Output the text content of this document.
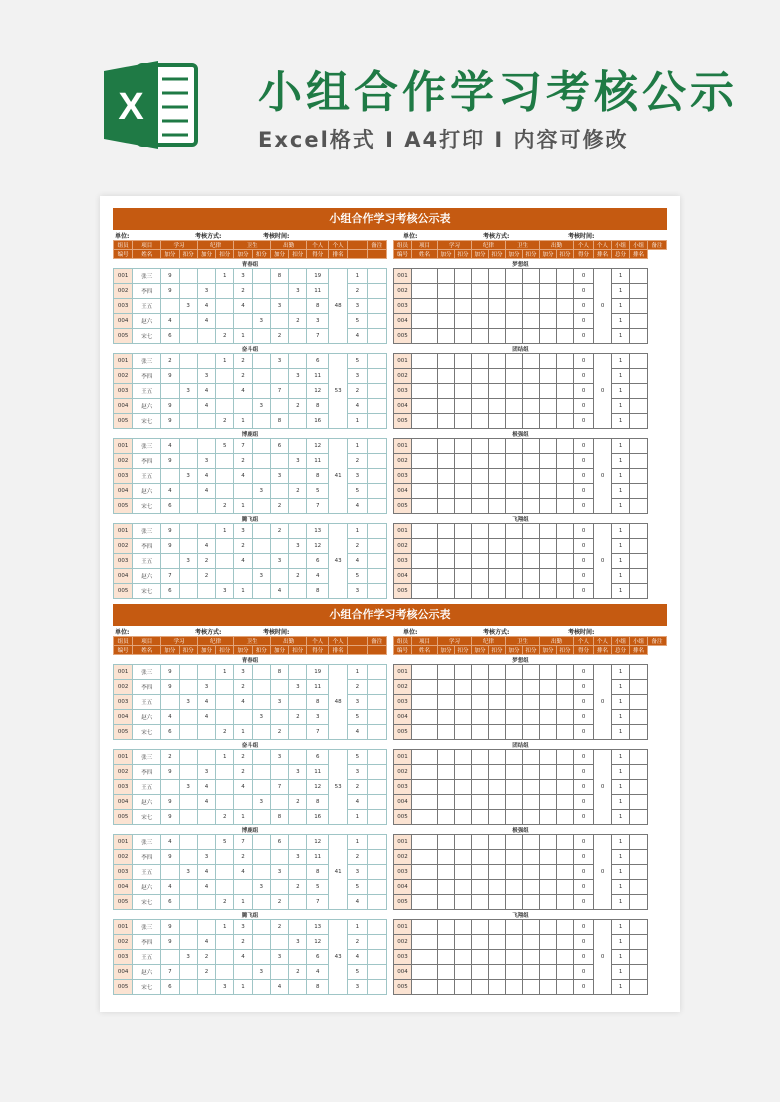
X	小组合作学习考核公示
Excel格式 I A4打印 I 内容可修改
小组合作学习考核公示表
单位:	考核方式:	考核时间:	单位:	考核方式:	考核时间:
组员	项目	学习		纪律		卫生		出勤		个人	个人		备注
编号	姓名	加分	扣分	加分	扣分	加分	扣分	加分	扣分	得分	排名		
青春组													
001	张三	9			1	3		8		19	48	1	
002	李四	9		3		2			3	11		2	
003	王五		3	4		4		3		8		3	
004	赵六	4		4			3		2	3		5	
005	宋七	6			2	1		2		7		4	
奋斗组													
001	张三	2			1	2		3		6	53	5	
002	李四	9		3		2			3	11		3	
003	王五		3	4		4		7		12		2	
004	赵六	9		4			3		2	8		4	
005	宋七	9			2	1		8		16		1	
博鹿组													
001	张三	4			5	7		6		12	41	1	
002	李四	9		3		2			3	11		2	
003	王五		3	4		4		3		8		3	
004	赵六	4		4			3		2	5		5	
005	宋七	6			2	1		2		7		4	
腾飞组													
001	张三	9			1	3		2		13	43	1	
002	李四	9		4		2			3	12		2	
003	王五		3	2		4		3		6		4	
004	赵六	7		2			3		2	4		5	
005	宋七	6			3	1		4		8		3	
组员	项目	学习		纪律		卫生		出勤		个人	个人	小组	小组	备注
编号	姓名	加分	扣分	加分	扣分	加分	扣分	加分	扣分	得分	排名	总分	排名	
梦想组														
001										0	0	1		
002										0		1		
003										0		1		
004										0		1		
005										0		1		
团结组														
001										0	0	1		
002										0		1		
003										0		1		
004										0		1		
005										0		1		
极强组														
001										0	0	1		
002										0		1		
003										0		1		
004										0		1		
005										0		1		
飞翔组														
001										0	0	1		
002										0		1		
003										0		1		
004										0		1		
005										0		1		
小组合作学习考核公示表
单位:	考核方式:	考核时间:	单位:	考核方式:	考核时间:
组员	项目	学习		纪律		卫生		出勤		个人	个人		备注
编号	姓名	加分	扣分	加分	扣分	加分	扣分	加分	扣分	得分	排名		
青春组													
001	张三	9			1	3		8		19	48	1	
002	李四	9		3		2			3	11		2	
003	王五		3	4		4		3		8		3	
004	赵六	4		4			3		2	3		5	
005	宋七	6			2	1		2		7		4	
奋斗组													
001	张三	2			1	2		3		6	53	5	
002	李四	9		3		2			3	11		3	
003	王五		3	4		4		7		12		2	
004	赵六	9		4			3		2	8		4	
005	宋七	9			2	1		8		16		1	
博鹿组													
001	张三	4			5	7		6		12	41	1	
002	李四	9		3		2			3	11		2	
003	王五		3	4		4		3		8		3	
004	赵六	4		4			3		2	5		5	
005	宋七	6			2	1		2		7		4	
腾飞组													
001	张三	9			1	3		2		13	43	1	
002	李四	9		4		2			3	12		2	
003	王五		3	2		4		3		6		4	
004	赵六	7		2			3		2	4		5	
005	宋七	6			3	1		4		8		3	
组员	项目	学习		纪律		卫生		出勤		个人	个人	小组	小组	备注
编号	姓名	加分	扣分	加分	扣分	加分	扣分	加分	扣分	得分	排名	总分	排名	
梦想组														
001										0	0	1		
002										0		1		
003										0		1		
004										0		1		
005										0		1		
团结组														
001										0	0	1		
002										0		1		
003										0		1		
004										0		1		
005										0		1		
极强组														
001										0	0	1		
002										0		1		
003										0		1		
004										0		1		
005										0		1		
飞翔组														
001										0	0	1		
002										0		1		
003										0		1		
004										0		1		
005										0		1		
